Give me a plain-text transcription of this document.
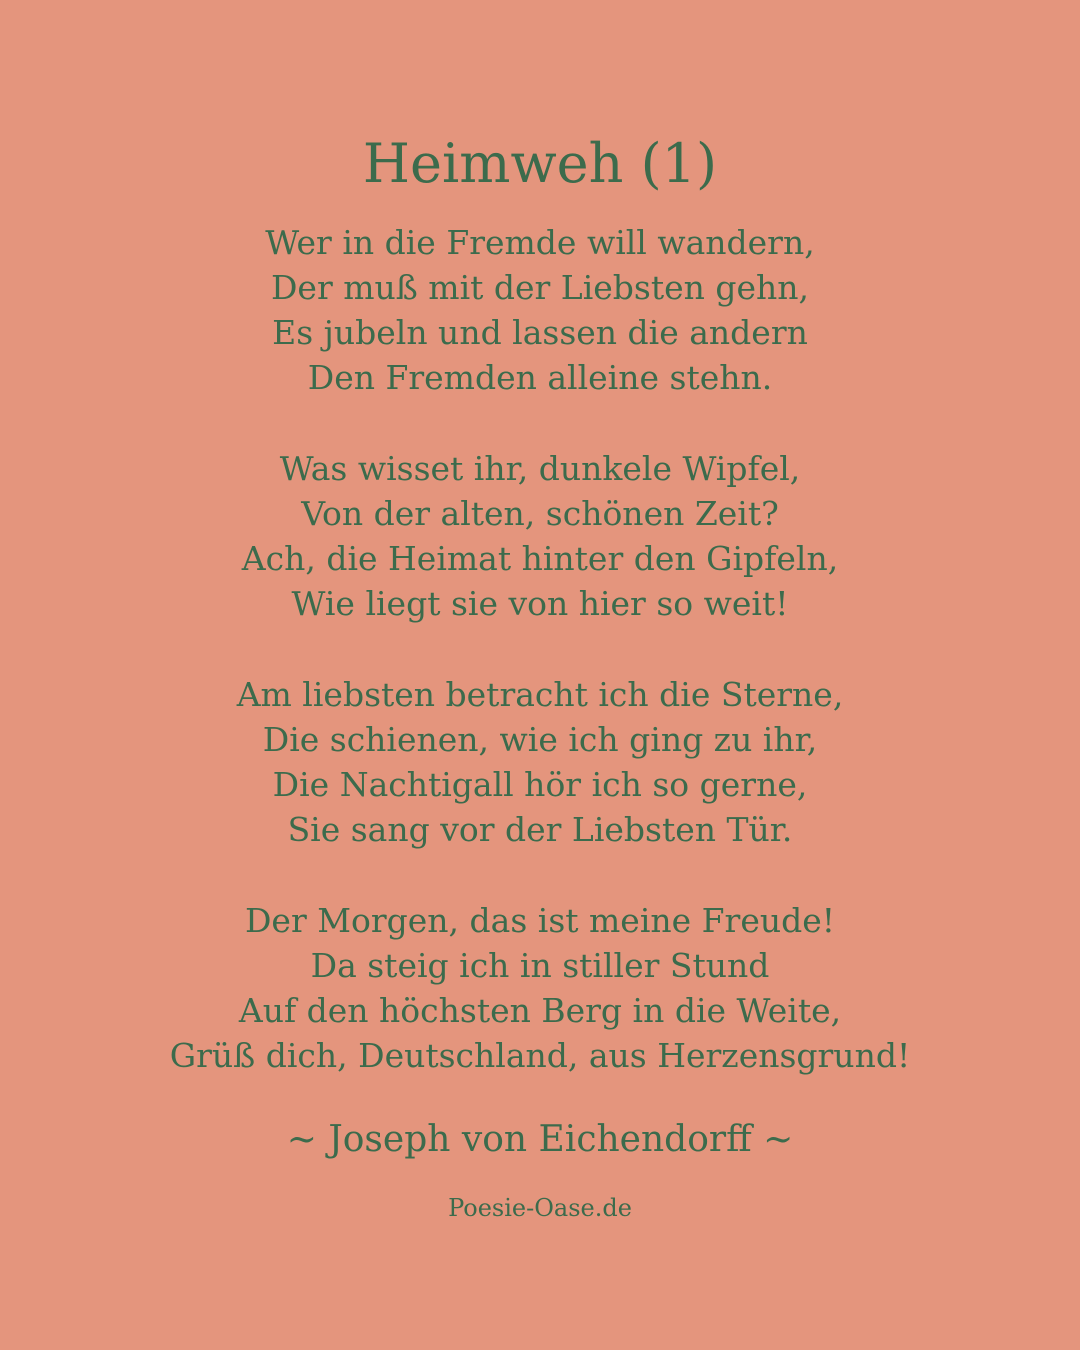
Heimweh (1)
Wer in die Fremde will wandern,
Der muß mit der Liebsten gehn,
Es jubeln und lassen die andern
Den Fremden alleine stehn.
Was wisset ihr, dunkele Wipfel,
Von der alten, schönen Zeit?
Ach, die Heimat hinter den Gipfeln,
Wie liegt sie von hier so weit!
Am liebsten betracht ich die Sterne,
Die schienen, wie ich ging zu ihr,
Die Nachtigall hör ich so gerne,
Sie sang vor der Liebsten Tür.
Der Morgen, das ist meine Freude!
Da steig ich in stiller Stund
Auf den höchsten Berg in die Weite,
Grüß dich, Deutschland, aus Herzensgrund!
~ Joseph von Eichendorff ~
Poesie-Oase.de
